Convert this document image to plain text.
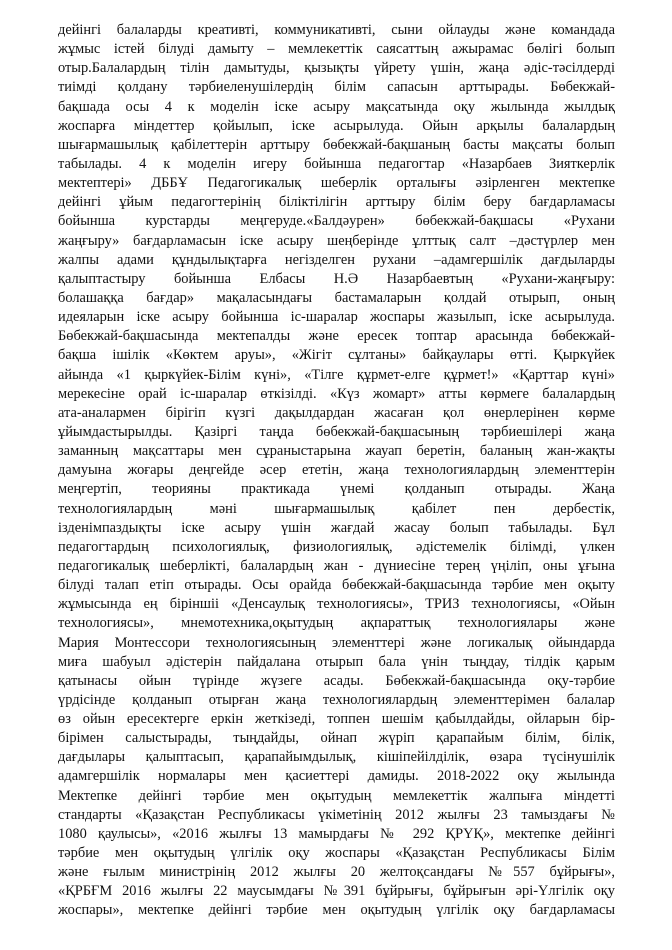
дейінгі балаларды креативті, коммуникативті, сыни ойлауды және командада
жұмыс істей білуді дамыту – мемлекеттік саясаттың ажырамас бөлігі болып
отыр.Балалардың тілін дамытуды, қызықты үйрету үшін, жаңа әдіс-тәсілдерді
тиімді қолдану тәрбиеленушілердің білім сапасын арттырады. Бөбекжай-
бақшада осы 4 к моделін іске асыру мақсатында оқу жылында жылдық
жоспарға міндеттер қойылып, іске асырылуда. Ойын арқылы балалардың
шығармашылық қабілеттерін арттыру бөбекжай-бақшаның басты мақсаты болып
табылады. 4 к моделін игеру бойынша педагогтар «Назарбаев Зияткерлік
мектептері» ДББҰ Педагогикалық шеберлік орталығы әзірленген мектепке
дейінгі ұйым педагогтерінің біліктілігін арттыру білім беру бағдарламасы
бойынша курстарды меңгеруде.«Балдәурен» бөбекжай-бақшасы «Рухани
жаңғыру» бағдарламасын іске асыру шеңберінде ұлттық салт –дәстүрлер мен
жалпы адами құндылықтарға негізделген рухани –адамгершілік дағдыларды
қалыптастыру бойынша Елбасы Н.Ә Назарбаевтың «Рухани-жаңғыру:
болашаққа бағдар» мақаласындағы бастамаларын қолдай отырып, оның
идеяларын іске асыру бойынша іс-шаралар жоспары жазылып, іске асырылуда.
Бөбекжай-бақшасында мектепалды және ересек топтар арасында бөбекжай-
бақша ішілік «Көктем аруы», «Жігіт сұлтаны» байқаулары өтті. Қыркүйек
айында «1 қыркүйек-Білім күні», «Тілге құрмет-елге құрмет!» «Қарттар күні»
мерекесіне орай іс-шаралар өткізілді. «Күз жомарт» атты көрмеге балалардың
ата-аналармен бірігіп күзгі дақылдардан жасаған қол өнерлерінен көрме
ұйымдастырылды. Қазіргі таңда бөбекжай-бақшасының тәрбиешілері жаңа
заманның мақсаттары мен сұраныстарына жауап беретін, баланың жан-жақты
дамуына жоғары деңгейде әсер ететін, жаңа технологиялардың элементтерін
меңгертіп, теорияны практикада үнемі қолданып отырады. Жаңа
технологиялардың мәні шығармашылық қабілет пен дербестік,
ізденімпаздықты іске асыру үшін жағдай жасау болып табылады. Бұл
педагогтардың психологиялық, физиологиялық, әдістемелік білімді, үлкен
педагогикалық шеберлікті, балалардың жан - дүниесіне терең үңіліп, оны ұғына
білуді талап етіп отырады. Осы орайда бөбекжай-бақшасында тәрбие мен оқыту
жұмысында ең біріншіі «Денсаулық технологиясы», ТРИЗ технологиясы, «Ойын
технологиясы», мнемотехника,оқытудың ақпараттық технологиялары және
Мария Монтессори технологиясының элементтері және логикалық ойындарда
миға шабуыл әдістерін пайдалана отырып бала үнін тыңдау, тілдік қарым
қатынасы ойын түрінде жүзеге асады. Бөбекжай-бақшасында оқу-тәрбие
үрдісінде қолданып отырған жаңа технологиялардың элементтерімен балалар
өз ойын ересектерге еркін жеткізеді, топпен шешім қабылдайды, ойларын бір-
бірімен салыстырады, тыңдайды, ойнап жүріп қарапайым білім, білік,
дағдылары қалыптасып, қарапайымдылық, кішіпейілділік, өзара түсінушілік
адамгершілік нормалары мен қасиеттері дамиды. 2018-2022 оқу жылында
Мектепке дейінгі тәрбие мен оқытудың мемлекеттік жалпыға міндетті
стандарты «Қазақстан Республикасы үкіметінің 2012 жылғы 23 тамыздағы №
1080 қаулысы», «2016 жылғы 13 мамырдағы № 292 ҚРҮҚ», мектепке дейінгі
тәрбие мен оқытудың үлгілік оқу жоспары «Қазақстан Республикасы Білім
және ғылым министрінің 2012 жылғы 20 желтоқсандағы №557 бұйрығы»,
«ҚРБҒМ 2016 жылғы 22 маусымдағы №391 бұйрығы, бұйрығын әрі-Үлгілік оқу
жоспары», мектепке дейінгі тәрбие мен оқытудың үлгілік оқу бағдарламасы
